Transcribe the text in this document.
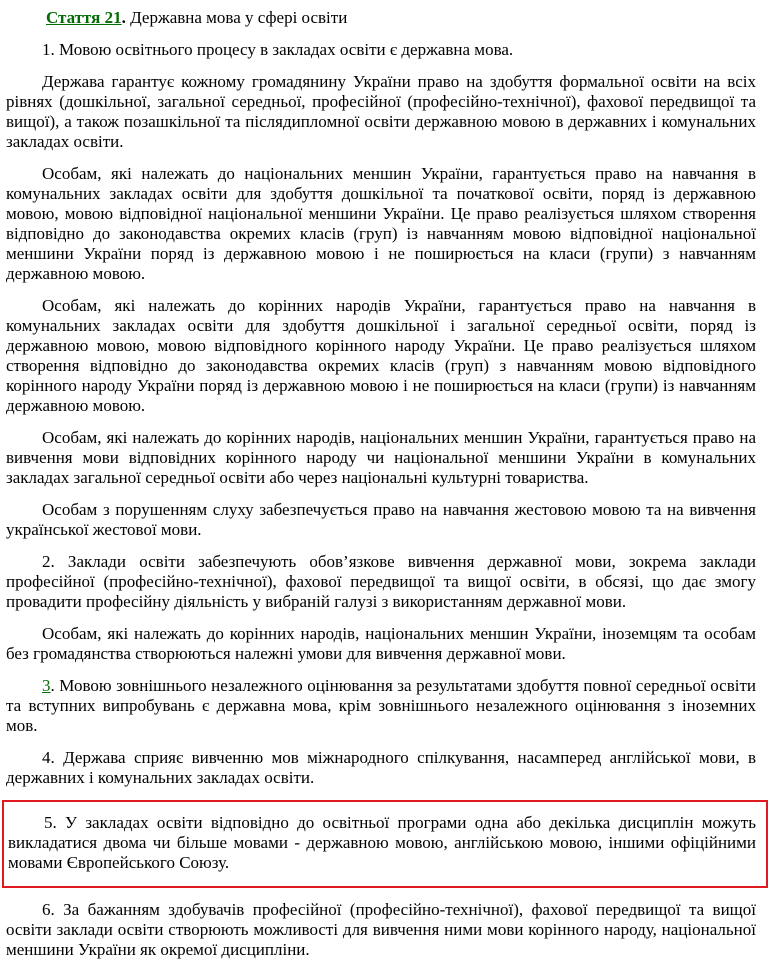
Стаття 21. Державна мова у сфері освіти

1. Мовою освітнього процесу в закладах освіти є державна мова.

Держава гарантує кожному громадянину України право на здобуття формальної освіти на всіх рівнях (дошкільної, загальної середньої, професійної (професійно-технічної), фахової передвищої та вищої), а також позашкільної та післядипломної освіти державною мовою в державних і комунальних закладах освіти.

Особам, які належать до національних меншин України, гарантується право на навчання в комунальних закладах освіти для здобуття дошкільної та початкової освіти, поряд із державною мовою, мовою відповідної національної меншини України. Це право реалізується шляхом створення відповідно до законодавства окремих класів (груп) із навчанням мовою відповідної національної меншини України поряд із державною мовою і не поширюється на класи (групи) з навчанням державною мовою.

Особам, які належать до корінних народів України, гарантується право на навчання в комунальних закладах освіти для здобуття дошкільної і загальної середньої освіти, поряд із державною мовою, мовою відповідного корінного народу України. Це право реалізується шляхом створення відповідно до законодавства окремих класів (груп) з навчанням мовою відповідного корінного народу України поряд із державною мовою і не поширюється на класи (групи) із навчанням державною мовою.

Особам, які належать до корінних народів, національних меншин України, гарантується право на вивчення мови відповідних корінного народу чи національної меншини України в комунальних закладах загальної середньої освіти або через національні культурні товариства.

Особам з порушенням слуху забезпечується право на навчання жестовою мовою та на вивчення української жестової мови.

2. Заклади освіти забезпечують обов’язкове вивчення державної мови, зокрема заклади професійної (професійно-технічної), фахової передвищої та вищої освіти, в обсязі, що дає змогу провадити професійну діяльність у вибраній галузі з використанням державної мови.

Особам, які належать до корінних народів, національних меншин України, іноземцям та особам без громадянства створюються належні умови для вивчення державної мови.

3. Мовою зовнішнього незалежного оцінювання за результатами здобуття повної середньої освіти та вступних випробувань є державна мова, крім зовнішнього незалежного оцінювання з іноземних мов.

4. Держава сприяє вивченню мов міжнародного спілкування, насамперед англійської мови, в державних і комунальних закладах освіти.

5. У закладах освіти відповідно до освітньої програми одна або декілька дисциплін можуть викладатися двома чи більше мовами - державною мовою, англійською мовою, іншими офіційними мовами Європейського Союзу.

6. За бажанням здобувачів професійної (професійно-технічної), фахової передвищої та вищої освіти заклади освіти створюють можливості для вивчення ними мови корінного народу, національної меншини України як окремої дисципліни.
